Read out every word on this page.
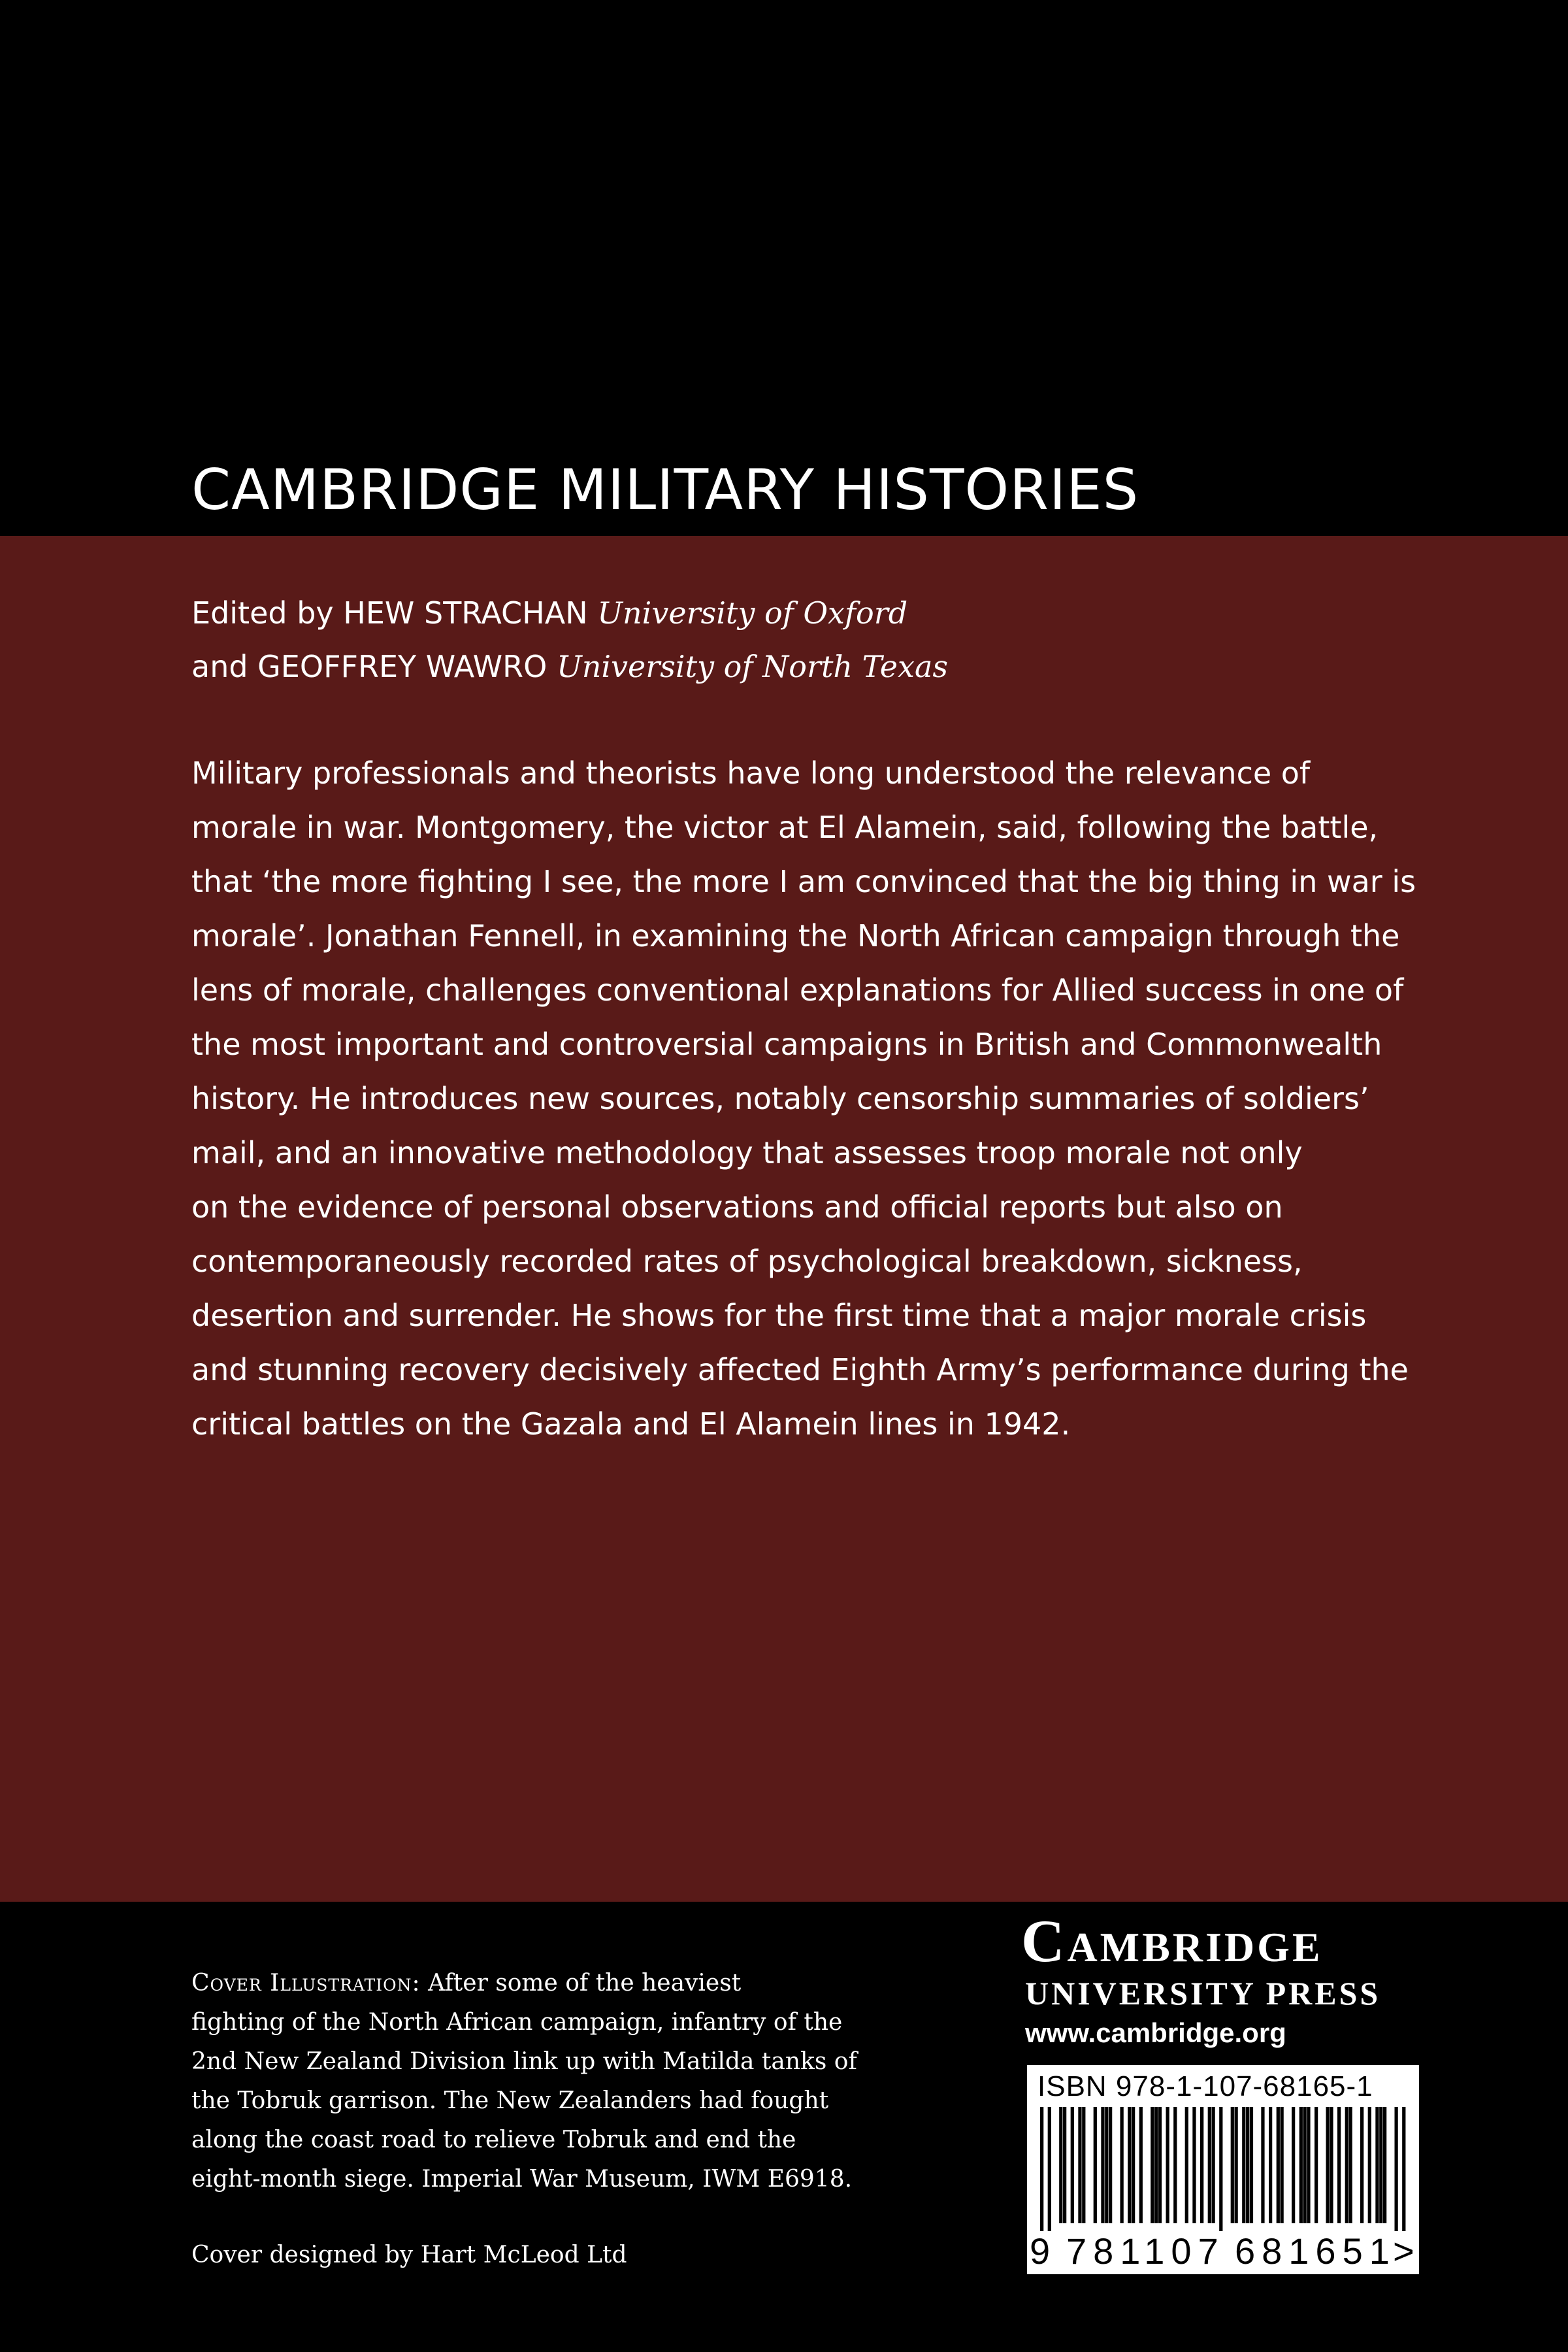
CAMBRIDGE MILITARY HISTORIES
Edited by HEW STRACHAN University of Oxford
and GEOFFREY WAWRO University of North Texas

Military professionals and theorists have long understood the relevance of
morale in war. Montgomery, the victor at El Alamein, said, following the battle,
that ‘the more fighting I see, the more I am convinced that the big thing in war is
morale’. Jonathan Fennell, in examining the North African campaign through the
lens of morale, challenges conventional explanations for Allied success in one of
the most important and controversial campaigns in British and Commonwealth
history. He introduces new sources, notably censorship summaries of soldiers’
mail, and an innovative methodology that assesses troop morale not only
on the evidence of personal observations and official reports but also on
contemporaneously recorded rates of psychological breakdown, sickness,
desertion and surrender. He shows for the first time that a major morale crisis
and stunning recovery decisively affected Eighth Army’s performance during the
critical battles on the Gazala and El Alamein lines in 1942.

Cover Illustration: After some of the heaviest
fighting of the North African campaign, infantry of the
2nd New Zealand Division link up with Matilda tanks of
the Tobruk garrison. The New Zealanders had fought
along the coast road to relieve Tobruk and end the
eight-month siege. Imperial War Museum, IWM E6918.

Cover designed by Hart McLeod Ltd
Cambridge
UNIVERSITY PRESS
www.cambridge.org
ISBN 978-1-107-68165-1
9 781107 681651
>
